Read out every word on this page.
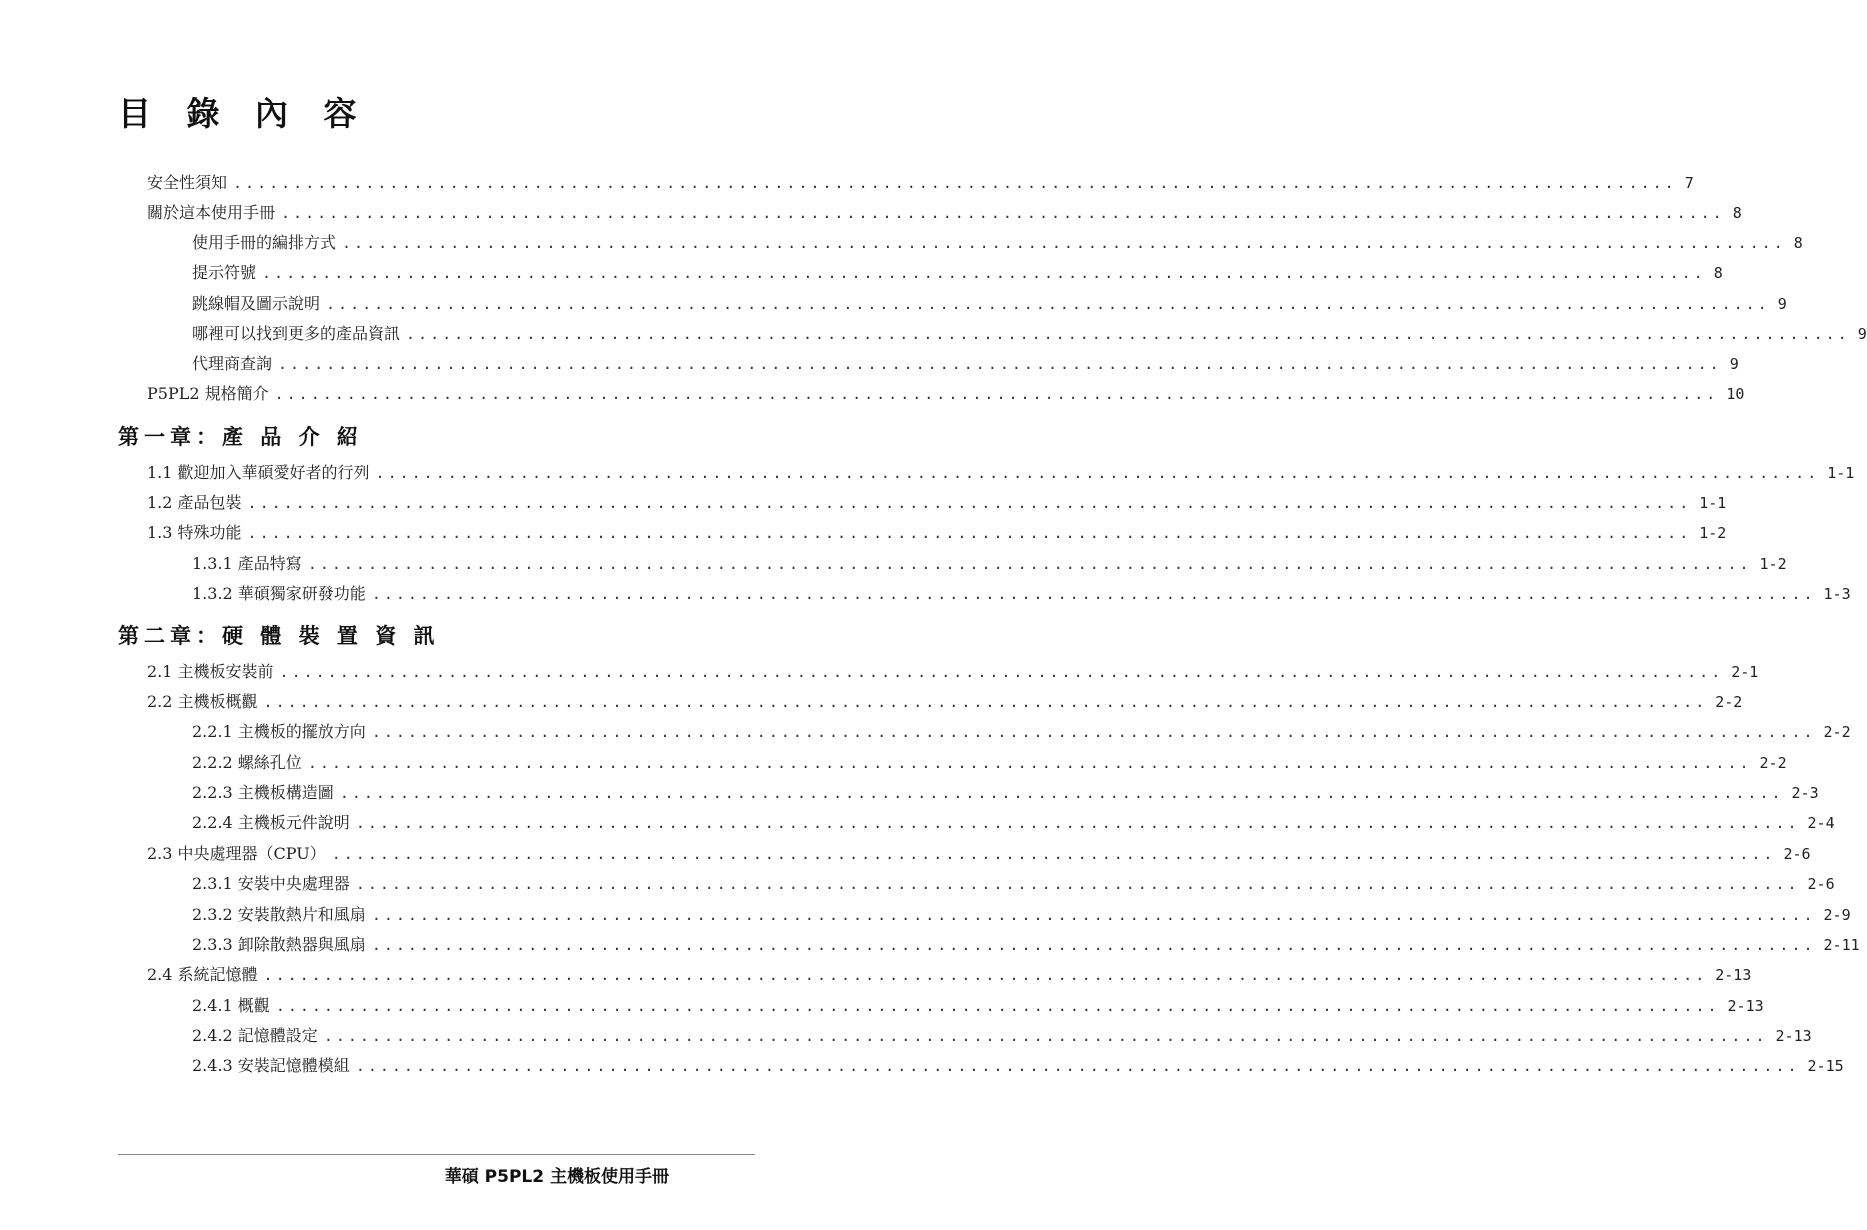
目 錄 內 容
安全性須知 ........................................................................................................................ 7
關於這本使用手冊 ........................................................................................................................ 8
使用手冊的編排方式 ........................................................................................................................ 8
提示符號 ........................................................................................................................ 8
跳線帽及圖示說明 ........................................................................................................................ 9
哪裡可以找到更多的產品資訊 ........................................................................................................................ 9
代理商查詢 ........................................................................................................................ 9
P5PL2 規格簡介 ........................................................................................................................ 10
第一章：產 品 介 紹
1.1 歡迎加入華碩愛好者的行列 ........................................................................................................................ 1-1
1.2 產品包裝 ........................................................................................................................ 1-1
1.3 特殊功能 ........................................................................................................................ 1-2
1.3.1 產品特寫 ........................................................................................................................ 1-2
1.3.2 華碩獨家研發功能 ........................................................................................................................ 1-3
第二章：硬 體 裝 置 資 訊
2.1 主機板安裝前 ........................................................................................................................ 2-1
2.2 主機板概觀 ........................................................................................................................ 2-2
2.2.1 主機板的擺放方向 ........................................................................................................................ 2-2
2.2.2 螺絲孔位 ........................................................................................................................ 2-2
2.2.3 主機板構造圖 ........................................................................................................................ 2-3
2.2.4 主機板元件說明 ........................................................................................................................ 2-4
2.3 中央處理器（CPU） ........................................................................................................................ 2-6
2.3.1 安裝中央處理器 ........................................................................................................................ 2-6
2.3.2 安裝散熱片和風扇 ........................................................................................................................ 2-9
2.3.3 卸除散熱器與風扇 ........................................................................................................................ 2-11
2.4 系統記憶體 ........................................................................................................................ 2-13
2.4.1 概觀 ........................................................................................................................ 2-13
2.4.2 記憶體設定 ........................................................................................................................ 2-13
2.4.3 安裝記憶體模組 ........................................................................................................................ 2-15
華碩 P5PL2 主機板使用手冊
